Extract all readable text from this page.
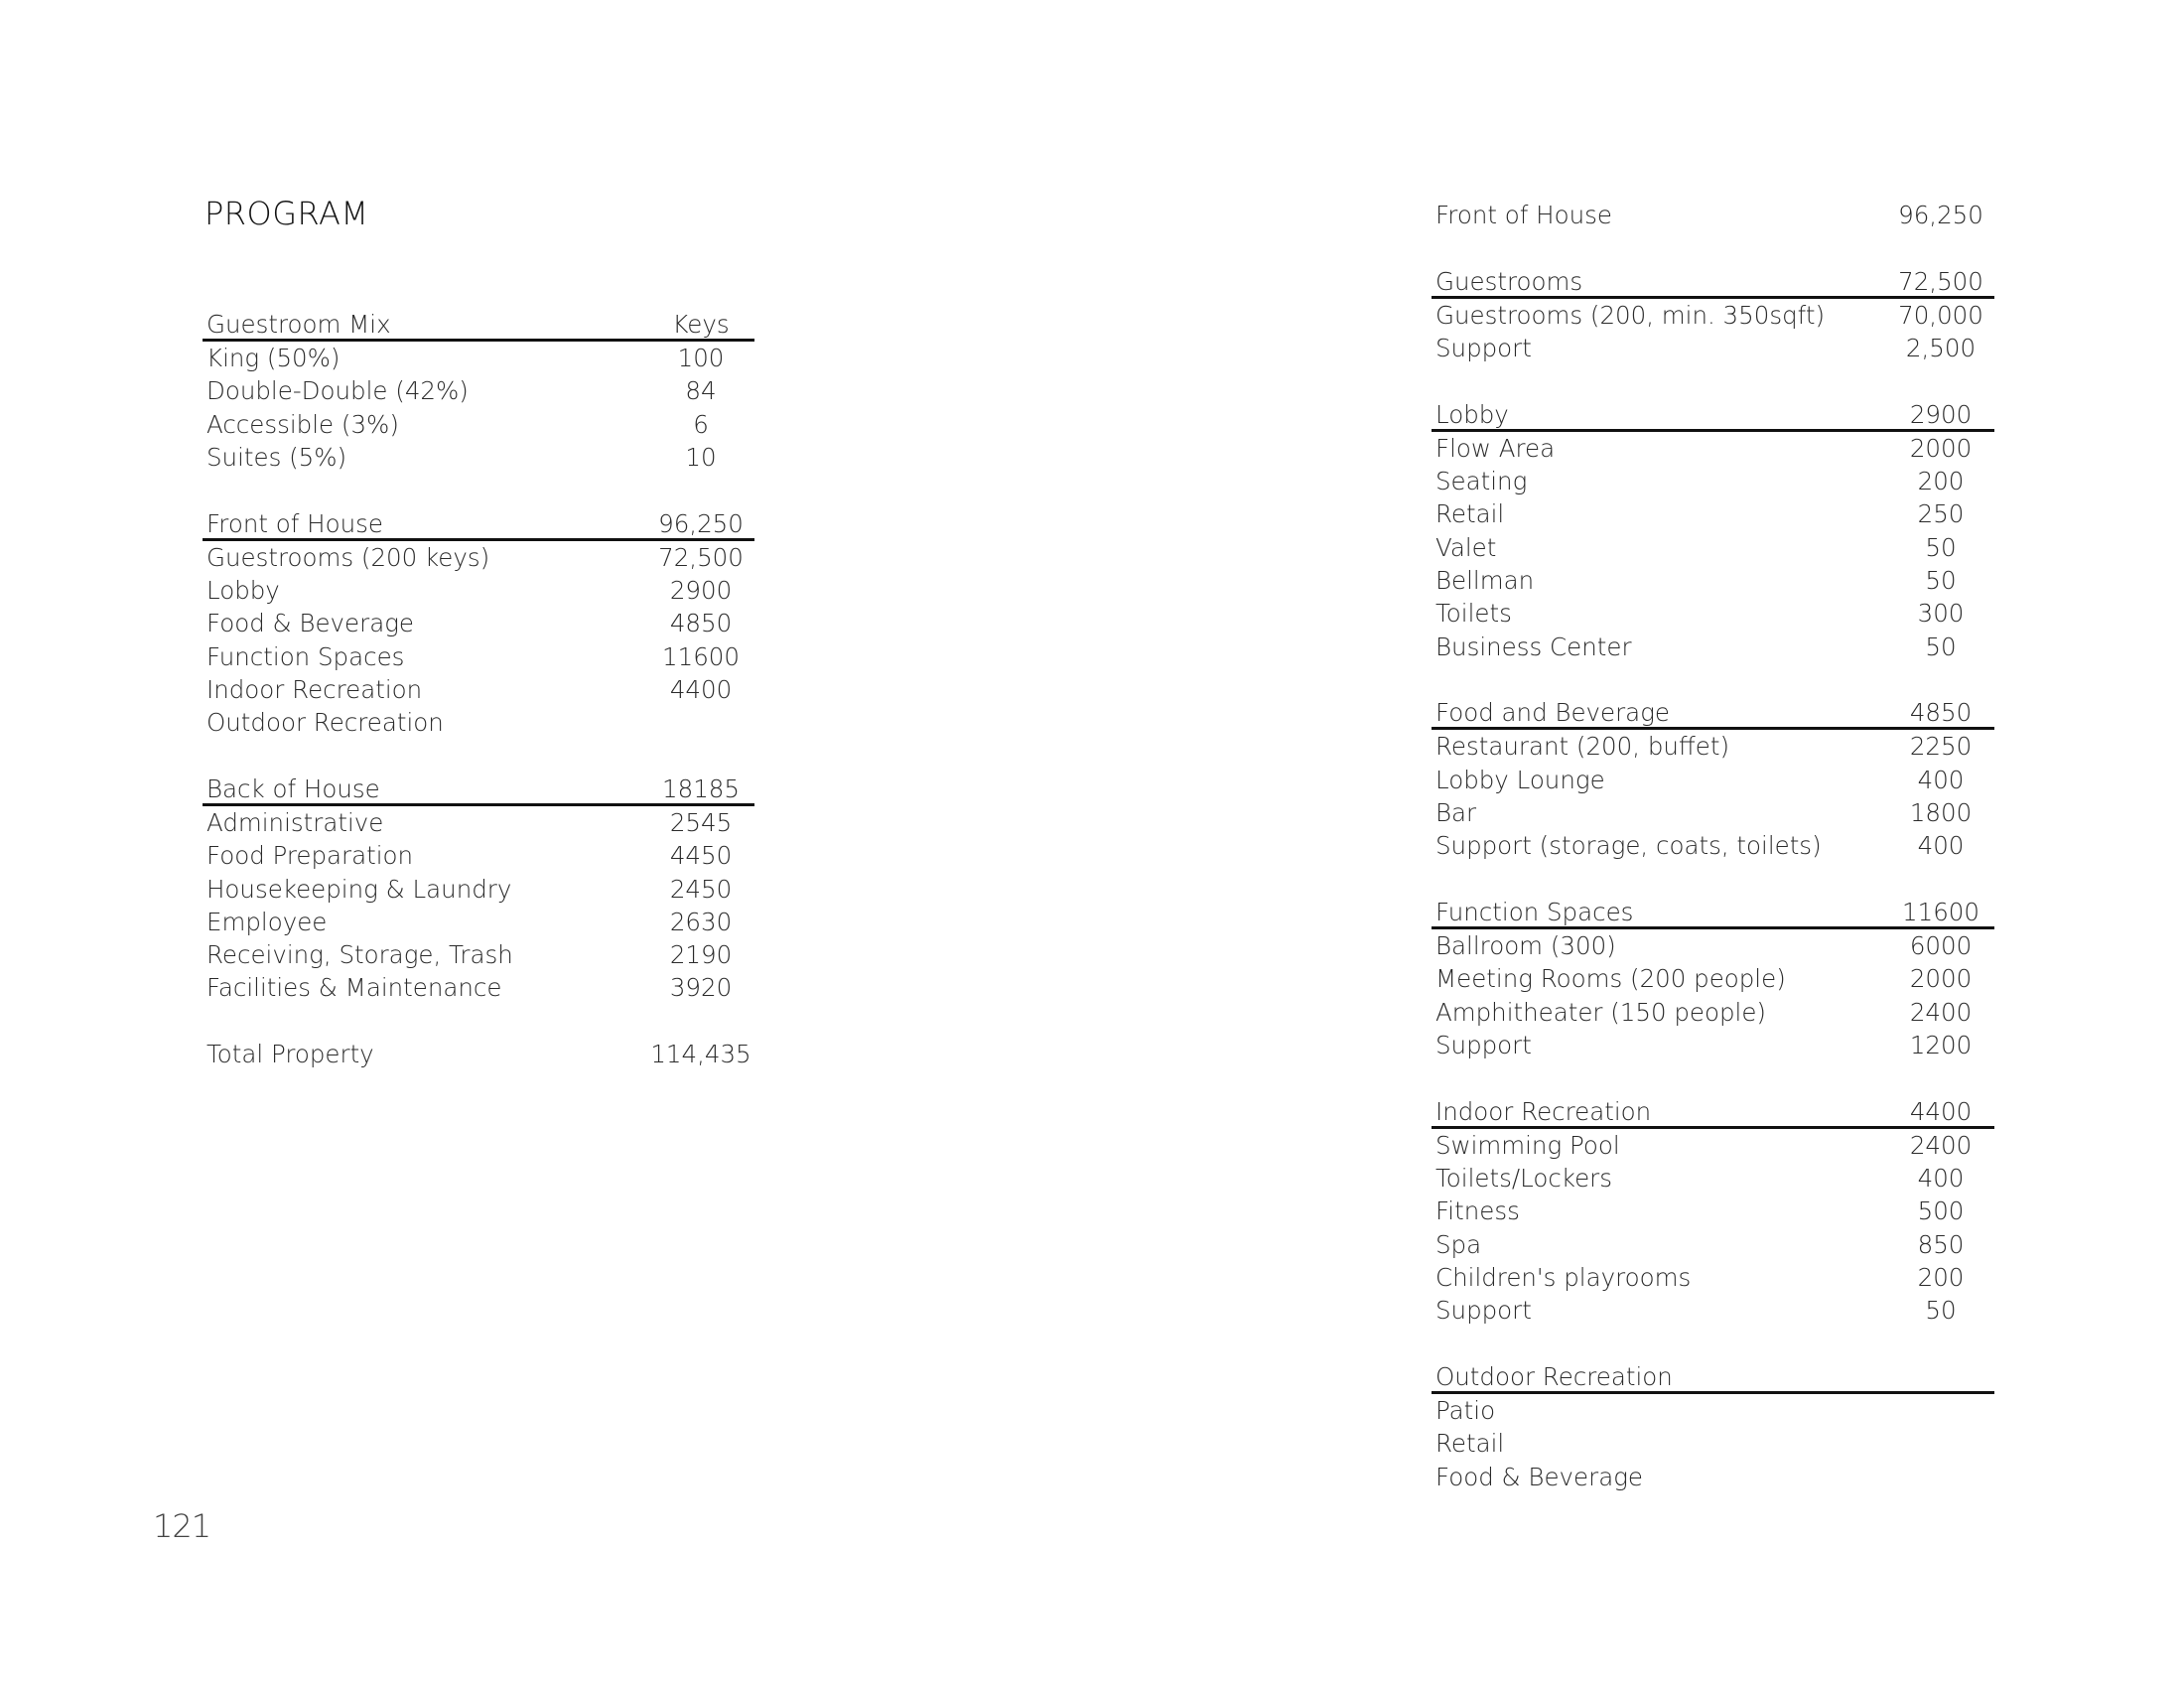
PROGRAM
Guestroom Mix	Keys
King (50%)	100
Double-Double (42%)	84
Accessible (3%)	6
Suites (5%)	10
Front of House	96,250
Guestrooms (200 keys)	72,500
Lobby	2900
Food & Beverage	4850
Function Spaces	11600
Indoor Recreation	4400
Outdoor Recreation
Back of House	18185
Administrative	2545
Food Preparation	4450
Housekeeping & Laundry	2450
Employee	2630
Receiving, Storage, Trash	2190
Facilities & Maintenance	3920
Total Property	114,435
Front of House	96,250
Guestrooms	72,500
Guestrooms (200, min. 350sqft)	70,000
Support	2,500
Lobby	2900
Flow Area	2000
Seating	200
Retail	250
Valet	50
Bellman	50
Toilets	300
Business Center	50
Food and Beverage	4850
Restaurant (200, buffet)	2250
Lobby Lounge	400
Bar	1800
Support (storage, coats, toilets)	400
Function Spaces	11600
Ballroom (300)	6000
Meeting Rooms (200 people)	2000
Amphitheater (150 people)	2400
Support	1200
Indoor Recreation	4400
Swimming Pool	2400
Toilets/Lockers	400
Fitness	500
Spa	850
Children's playrooms	200
Support	50
Outdoor Recreation
Patio
Retail
Food & Beverage
121
